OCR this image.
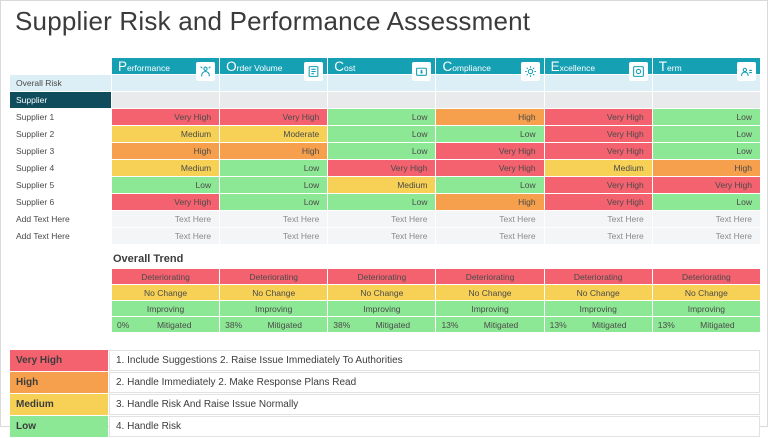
Supplier Risk and Performance Assessment
	Performance	Order Volume	Cost	Compliance	Excellence	Term

Overall Risk						
Supplier						
Supplier 1	Very High	Very High	Low	High	Very High	Low
Supplier 2	Medium	Moderate	Low	Low	Very High	Low
Supplier 3	High	High	Low	Very High	Very High	Low
Supplier 4	Medium	Low	Very High	Very High	Medium	High
Supplier 5	Low	Low	Medium	Low	Very High	Very High
Supplier 6	Very High	Low	Low	High	Very High	Low
Add Text Here	Text Here	Text Here	Text Here	Text Here	Text Here	Text Here
Add Text Here	Text Here	Text Here	Text Here	Text Here	Text Here	Text Here
Overall Trend
	Deteriorating	Deteriorating	Deteriorating	Deteriorating	Deteriorating	Deteriorating
	No Change	No Change	No Change	No Change	No Change	No Change
	Improving	Improving	Improving	Improving	Improving	Improving

	0% Mitigated	38% Mitigated	38% Mitigated	13% Mitigated	13% Mitigated	13% Mitigated
Very High	1. Include Suggestions 2. Raise Issue Immediately To Authorities
High	2. Handle Immediately 2. Make Response Plans Read
Medium	3. Handle Risk And Raise Issue Normally
Low	4. Handle Risk
